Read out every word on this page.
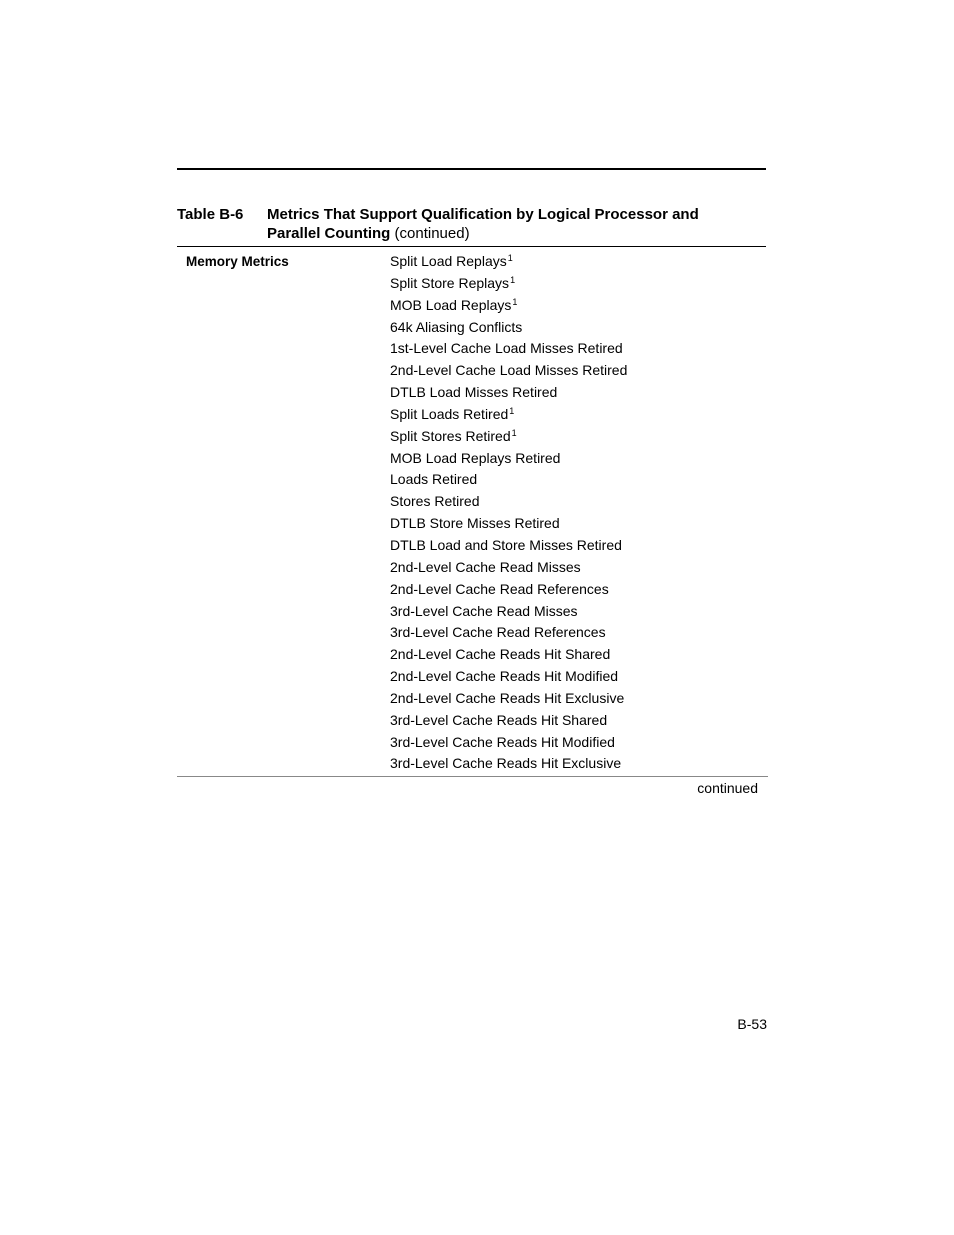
Table B-6 Metrics That Support Qualification by Logical Processor and
Parallel Counting (continued)
Memory Metrics	Split Load Replays$^1$
Split Store Replays$^1$
MOB Load Replays$^1$
64k Aliasing Conflicts
1st-Level Cache Load Misses Retired
2nd-Level Cache Load Misses Retired
DTLB Load Misses Retired
Split Loads Retired$^1$
Split Stores Retired$^1$
MOB Load Replays Retired
Loads Retired
Stores Retired
DTLB Store Misses Retired
DTLB Load and Store Misses Retired
2nd-Level Cache Read Misses
2nd-Level Cache Read References
3rd-Level Cache Read Misses
3rd-Level Cache Read References
2nd-Level Cache Reads Hit Shared
2nd-Level Cache Reads Hit Modified
2nd-Level Cache Reads Hit Exclusive
3rd-Level Cache Reads Hit Shared
3rd-Level Cache Reads Hit Modified
3rd-Level Cache Reads Hit Exclusive
continued
B-53
